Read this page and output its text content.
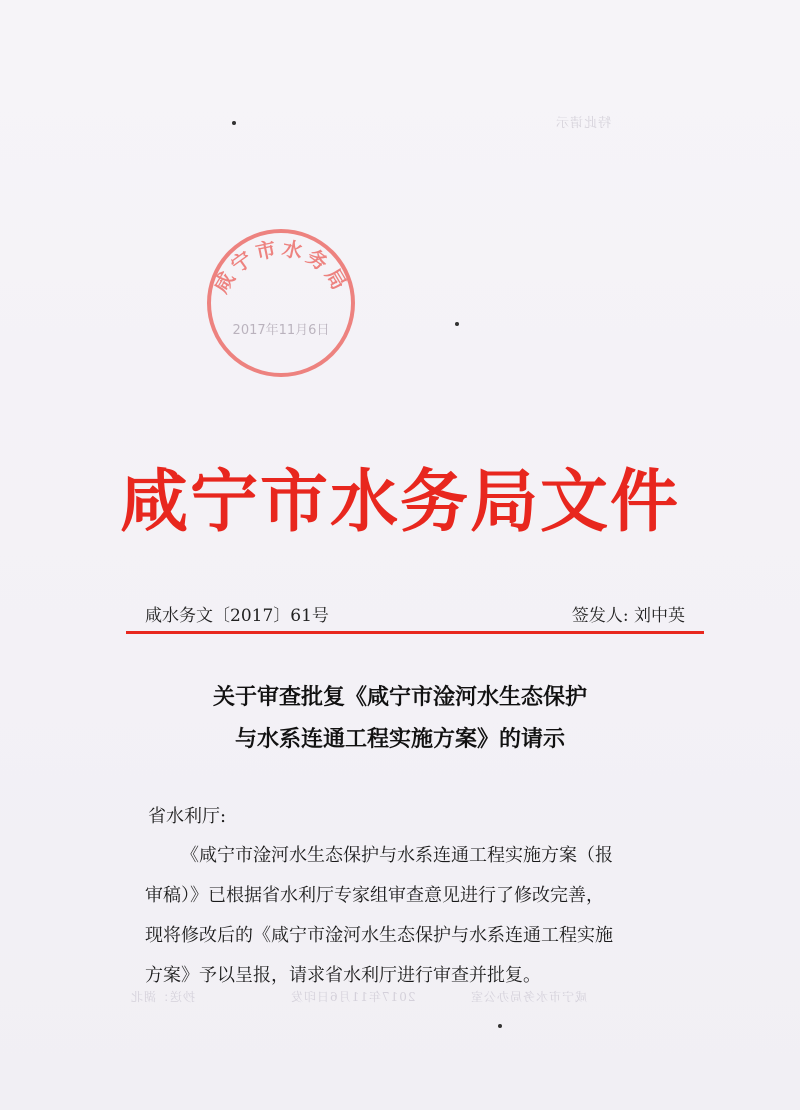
特此请示
抄送：湖北	2017年11月6日印发	咸宁市水务局办公室
咸宁市水务局
2017年11月6日
咸宁市水务局文件
咸水务文〔2017〕61号	签发人: 刘中英
关于审查批复《咸宁市淦河水生态保护
与水系连通工程实施方案》的请示
省水利厅:

《咸宁市淦河水生态保护与水系连通工程实施方案（报

审稿）》已根据省水利厅专家组审查意见进行了修改完善，

现将修改后的《咸宁市淦河水生态保护与水系连通工程实施

方案》予以呈报，请求省水利厅进行审查并批复。
